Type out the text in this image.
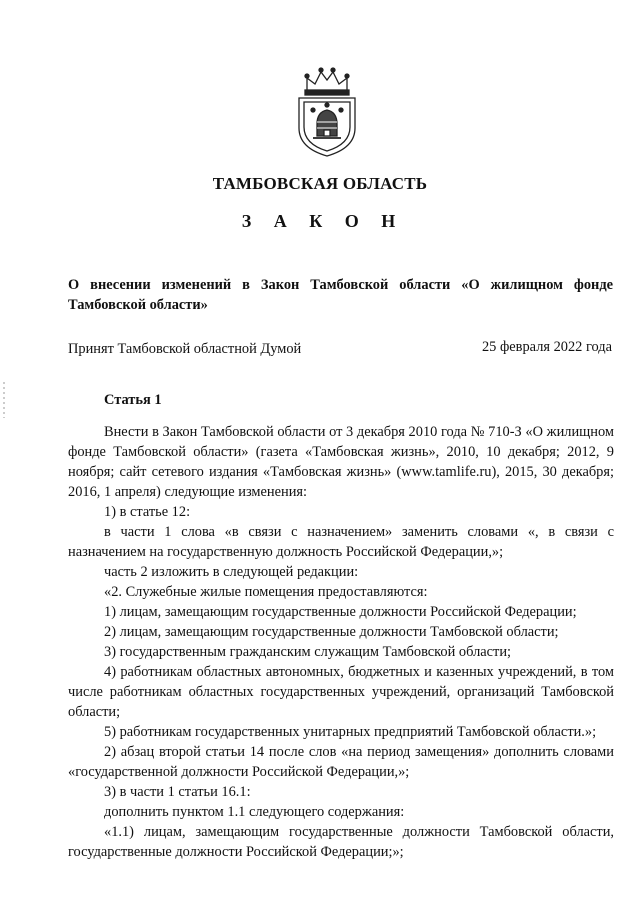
ТАМБОВСКАЯ ОБЛАСТЬ
З А К О Н
О внесении изменений в Закон Тамбовской области «О жилищном фонде Тамбовской области»
Принят Тамбовской областной Думой	25 февраля 2022 года
Статья 1

Внести в Закон Тамбовской области от 3 декабря 2010 года № 710-З «О жилищном фонде Тамбовской области» (газета «Тамбовская жизнь», 2010, 10 декабря; 2012, 9 ноября; сайт сетевого издания «Тамбовская жизнь» (www.tamlife.ru), 2015, 30 декабря; 2016, 1 апреля) следующие изменения:

1) в статье 12:

в части 1 слова «в связи с назначением» заменить словами «, в связи с назначением на государственную должность Российской Федерации,»;

часть 2 изложить в следующей редакции:

«2. Служебные жилые помещения предоставляются:

1) лицам, замещающим государственные должности Российской Федерации;

2) лицам, замещающим государственные должности Тамбовской области;

3) государственным гражданским служащим Тамбовской области;

4) работникам областных автономных, бюджетных и казенных учреждений, в том числе работникам областных государственных учреждений, организаций Тамбовской области;

5) работникам государственных унитарных предприятий Тамбовской области.»;

2) абзац второй статьи 14 после слов «на период замещения» дополнить словами «государственной должности Российской Федерации,»;

3) в части 1 статьи 16.1:

дополнить пунктом 1.1 следующего содержания:

«1.1) лицам, замещающим государственные должности Тамбовской области, государственные должности Российской Федерации;»;
